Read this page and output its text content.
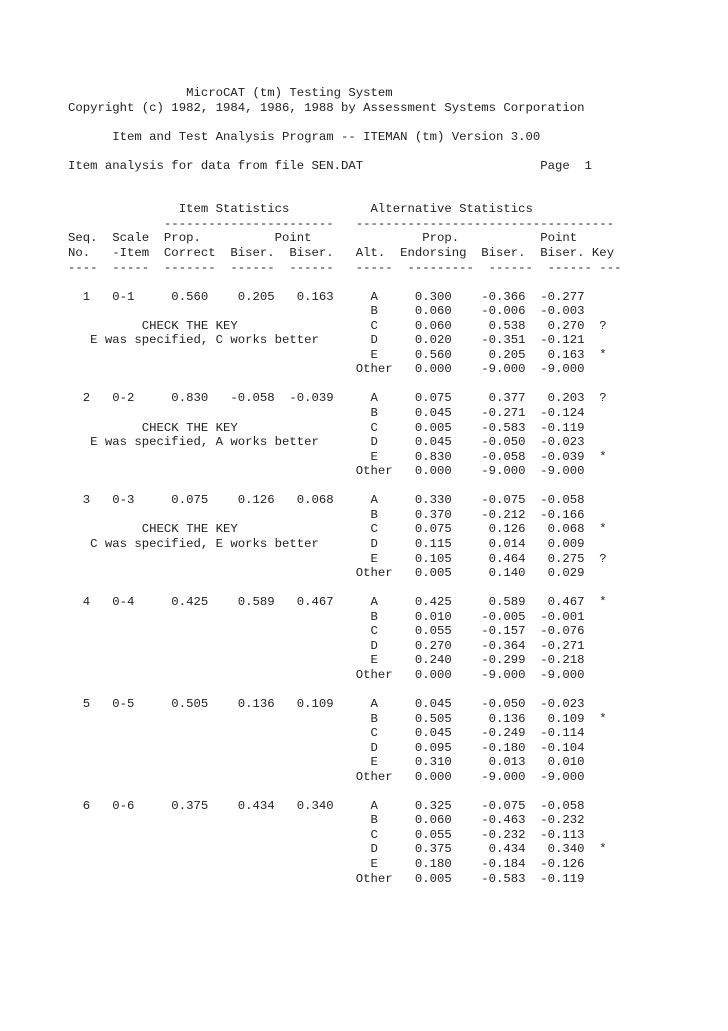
MicroCAT (tm) Testing System
Copyright (c) 1982, 1984, 1986, 1988 by Assessment Systems Corporation
Item and Test Analysis Program -- ITEMAN (tm) Version 3.00
Item analysis for data from file SEN.DAT                        Page  1
Item Statistics           Alternative Statistics
-----------------------   -----------------------------------
Seq.  Scale  Prop.          Point               Prop.           Point
No.   -Item  Correct  Biser.  Biser.   Alt.  Endorsing  Biser.  Biser. Key
----  -----  -------  ------  ------   -----  ---------  ------  ------ ---
1   0-1     0.560    0.205   0.163     A     0.300    -0.366  -0.277
B     0.060    -0.006  -0.003
CHECK THE KEY                  C     0.060     0.538   0.270  ?
E was specified, C works better       D     0.020    -0.351  -0.121
E     0.560     0.205   0.163  *
Other   0.000    -9.000  -9.000
2   0-2     0.830   -0.058  -0.039     A     0.075     0.377   0.203  ?
B     0.045    -0.271  -0.124
CHECK THE KEY                  C     0.005    -0.583  -0.119
E was specified, A works better       D     0.045    -0.050  -0.023
E     0.830    -0.058  -0.039  *
Other   0.000    -9.000  -9.000
3   0-3     0.075    0.126   0.068     A     0.330    -0.075  -0.058
B     0.370    -0.212  -0.166
CHECK THE KEY                  C     0.075     0.126   0.068  *
C was specified, E works better       D     0.115     0.014   0.009
E     0.105     0.464   0.275  ?
Other   0.005     0.140   0.029
4   0-4     0.425    0.589   0.467     A     0.425     0.589   0.467  *
B     0.010    -0.005  -0.001
C     0.055    -0.157  -0.076
D     0.270    -0.364  -0.271
E     0.240    -0.299  -0.218
Other   0.000    -9.000  -9.000
5   0-5     0.505    0.136   0.109     A     0.045    -0.050  -0.023
B     0.505     0.136   0.109  *
C     0.045    -0.249  -0.114
D     0.095    -0.180  -0.104
E     0.310     0.013   0.010
Other   0.000    -9.000  -9.000
6   0-6     0.375    0.434   0.340     A     0.325    -0.075  -0.058
B     0.060    -0.463  -0.232
C     0.055    -0.232  -0.113
D     0.375     0.434   0.340  *
E     0.180    -0.184  -0.126
Other   0.005    -0.583  -0.119
